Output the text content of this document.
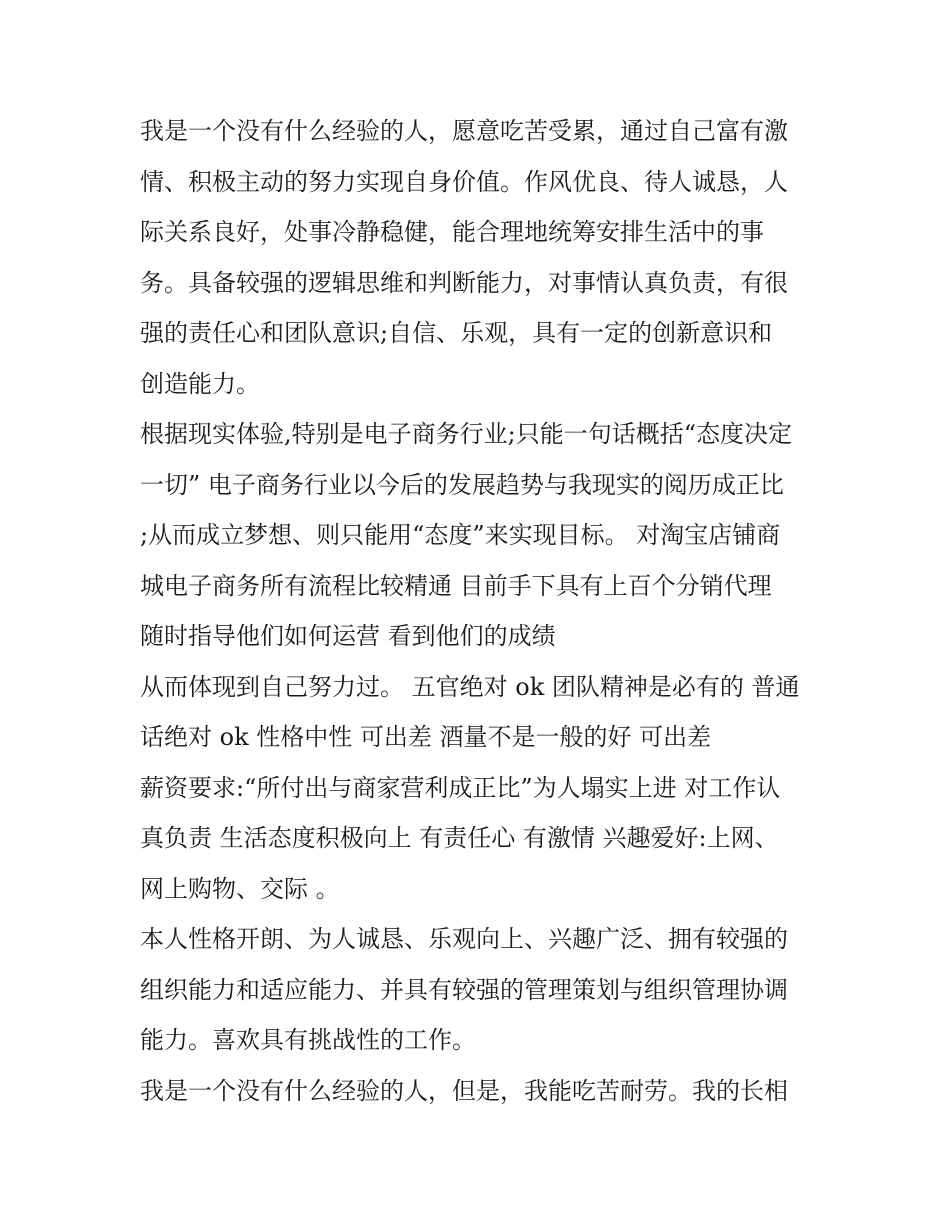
我是一个没有什么经验的人，愿意吃苦受累，通过自己富有激
情、积极主动的努力实现自身价值。作风优良、待人诚恳，人
际关系良好，处事冷静稳健，能合理地统筹安排生活中的事
务。具备较强的逻辑思维和判断能力，对事情认真负责，有很
强的责任心和团队意识;自信、乐观，具有一定的创新意识和
创造能力。
根据现实体验,特别是电子商务行业;只能一句话概括“态度决定
一切” 电子商务行业以今后的发展趋势与我现实的阅历成正比
;从而成立梦想、则只能用“态度”来实现目标。 对淘宝店铺商
城电子商务所有流程比较精通 目前手下具有上百个分销代理
随时指导他们如何运营 看到他们的成绩
从而体现到自己努力过。 五官绝对 ok 团队精神是必有的 普通
话绝对 ok 性格中性 可出差 酒量不是一般的好 可出差
薪资要求:“所付出与商家营利成正比”为人塌实上进 对工作认
真负责 生活态度积极向上 有责任心 有激情 兴趣爱好:上网、
网上购物、交际 。
本人性格开朗、为人诚恳、乐观向上、兴趣广泛、拥有较强的
组织能力和适应能力、并具有较强的管理策划与组织管理协调
能力。喜欢具有挑战性的工作。
我是一个没有什么经验的人，但是，我能吃苦耐劳。我的长相
